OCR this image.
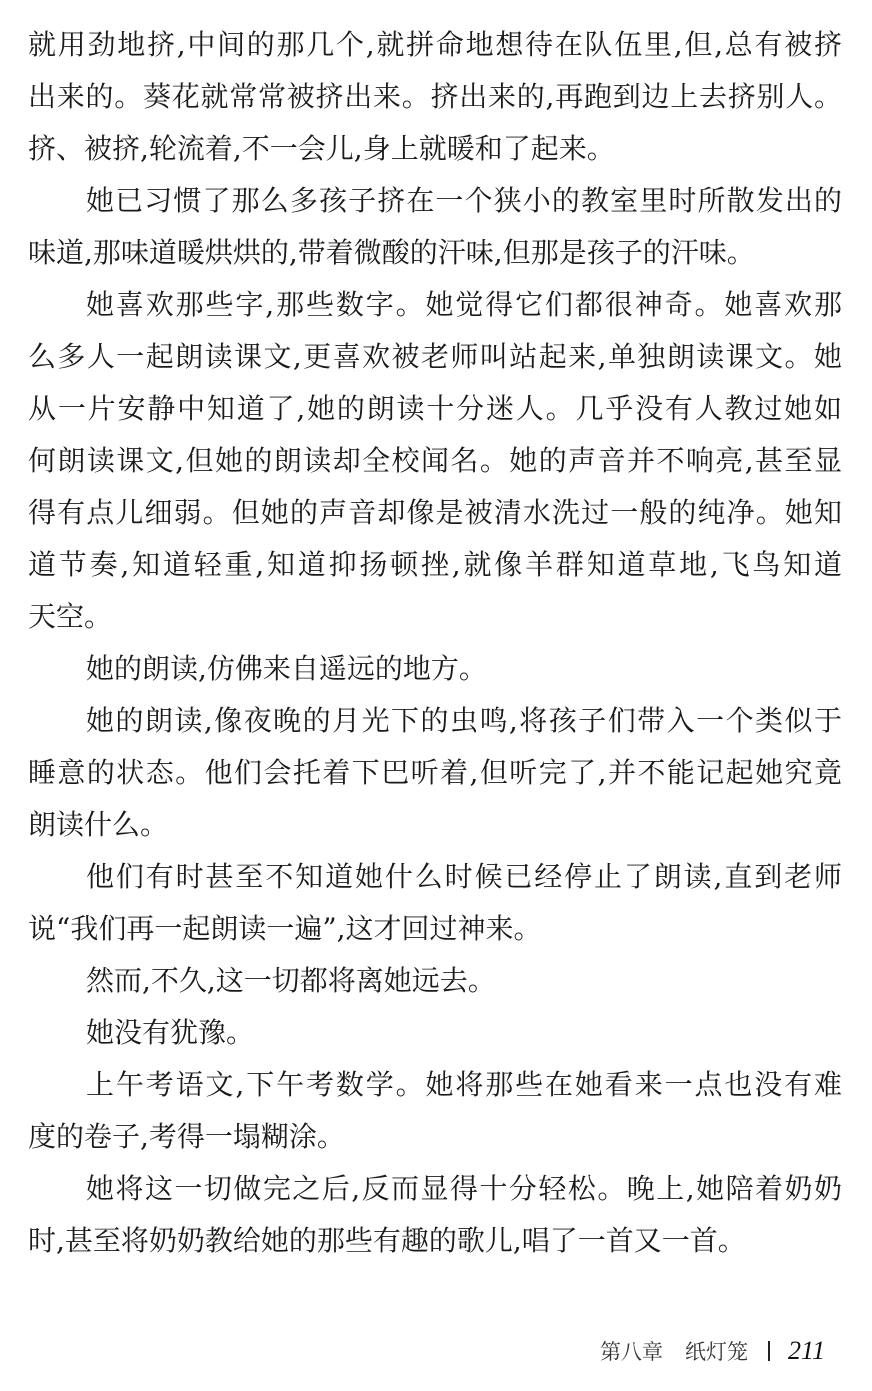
就用劲地挤,中间的那几个,就拼命地想待在队伍里,但,总有被挤
出来的。葵花就常常被挤出来。挤出来的,再跑到边上去挤别人。
挤、被挤,轮流着,不一会儿,身上就暖和了起来。
她已习惯了那么多孩子挤在一个狭小的教室里时所散发出的
味道,那味道暖烘烘的,带着微酸的汗味,但那是孩子的汗味。
她喜欢那些字,那些数字。她觉得它们都很神奇。她喜欢那
么多人一起朗读课文,更喜欢被老师叫站起来,单独朗读课文。她
从一片安静中知道了,她的朗读十分迷人。几乎没有人教过她如
何朗读课文,但她的朗读却全校闻名。她的声音并不响亮,甚至显
得有点儿细弱。但她的声音却像是被清水洗过一般的纯净。她知
道节奏,知道轻重,知道抑扬顿挫,就像羊群知道草地,飞鸟知道
天空。
她的朗读,仿佛来自遥远的地方。
她的朗读,像夜晚的月光下的虫鸣,将孩子们带入一个类似于
睡意的状态。他们会托着下巴听着,但听完了,并不能记起她究竟
朗读什么。
他们有时甚至不知道她什么时候已经停止了朗读,直到老师
说“我们再一起朗读一遍”,这才回过神来。
然而,不久,这一切都将离她远去。
她没有犹豫。
上午考语文,下午考数学。她将那些在她看来一点也没有难
度的卷子,考得一塌糊涂。
她将这一切做完之后,反而显得十分轻松。晚上,她陪着奶奶
时,甚至将奶奶教给她的那些有趣的歌儿,唱了一首又一首。
第八章 纸灯笼 211
